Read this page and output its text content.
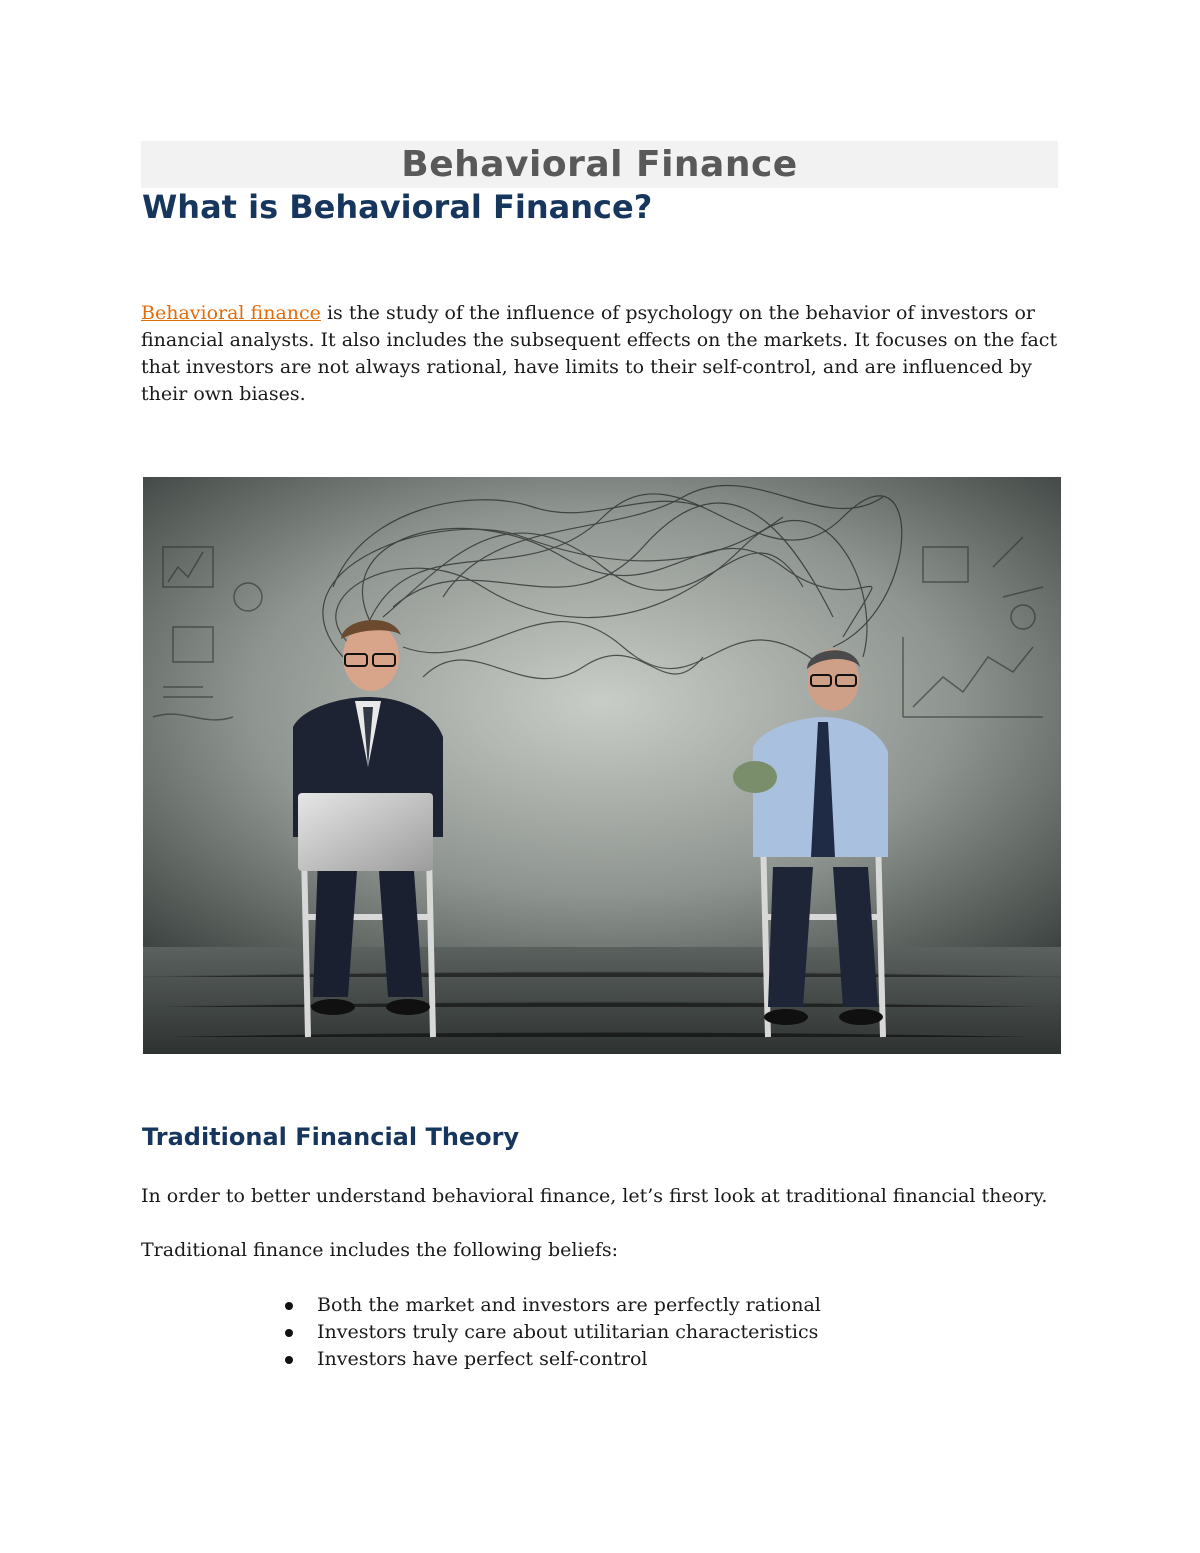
Behavioral Finance
What is Behavioral Finance?

Behavioral finance is the study of the influence of psychology on the behavior of investors or financial analysts. It also includes the subsequent effects on the markets. It focuses on the fact that investors are not always rational, have limits to their self-control, and are influenced by their own biases.

Traditional Financial Theory

In order to better understand behavioral finance, let’s first look at traditional financial theory.

Traditional finance includes the following beliefs:

Both the market and investors are perfectly rational
Investors truly care about utilitarian characteristics
Investors have perfect self-control
